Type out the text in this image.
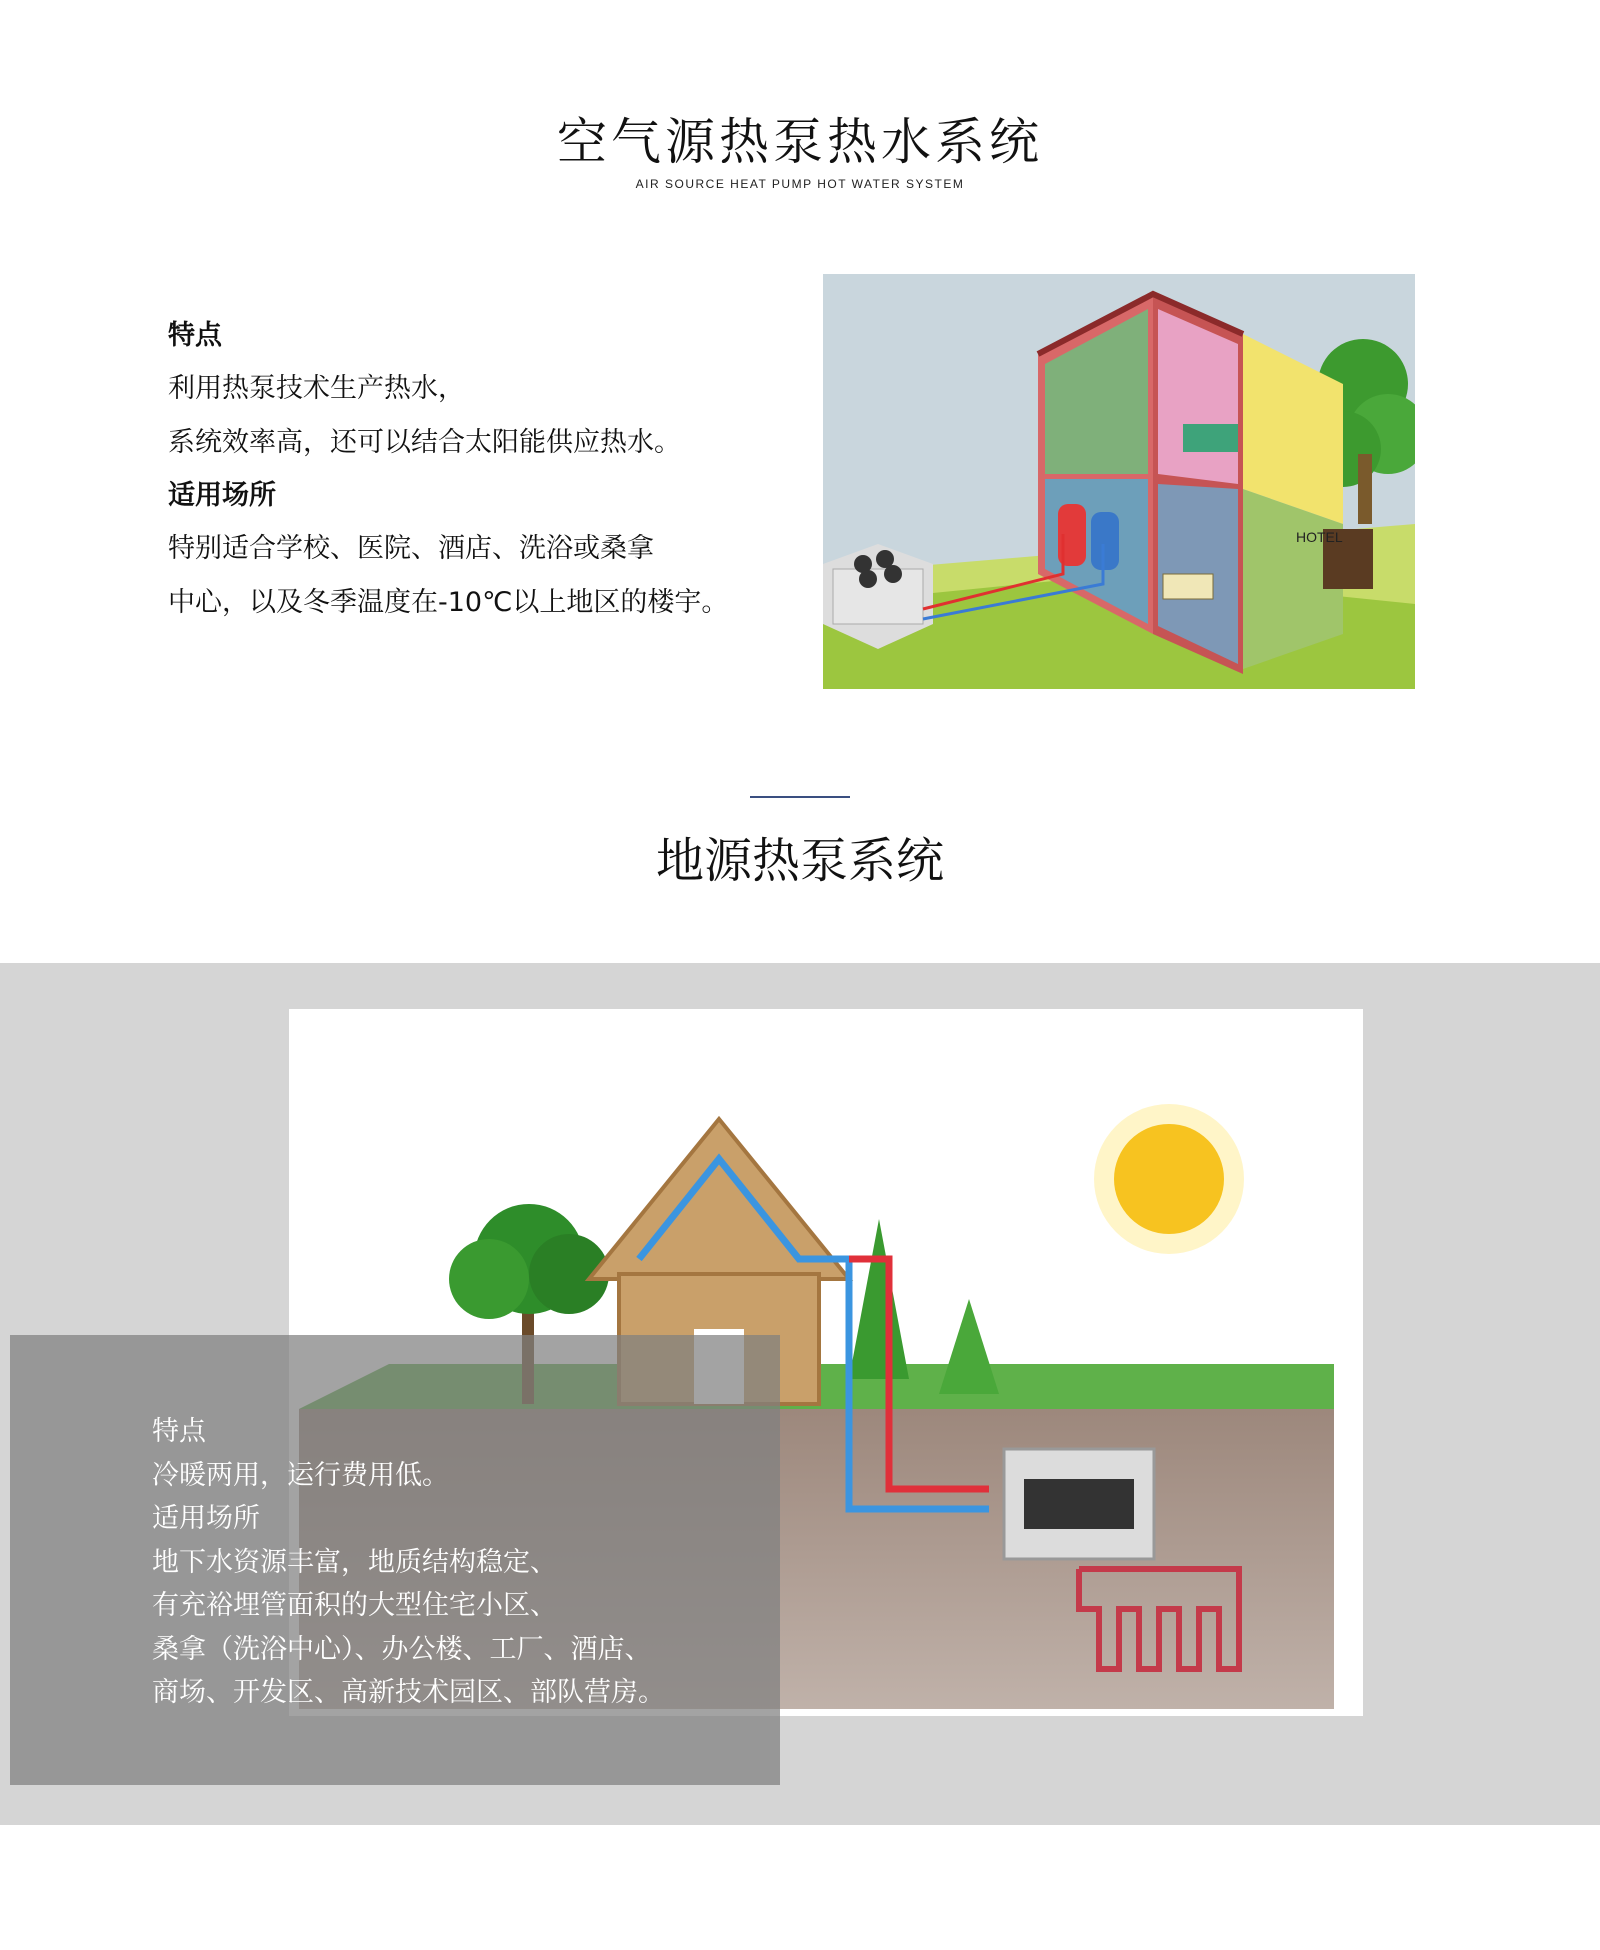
空气源热泵热水系统
AIR SOURCE HEAT PUMP HOT WATER SYSTEM
特点
利用热泵技术生产热水，
系统效率高，还可以结合太阳能供应热水。
适用场所
特别适合学校、医院、酒店、洗浴或桑拿
中心，以及冬季温度在-10℃以上地区的楼宇。
HOTEL
地源热泵系统
特点
冷暖两用，运行费用低。
适用场所
地下水资源丰富，地质结构稳定、
有充裕埋管面积的大型住宅小区、
桑拿（洗浴中心）、办公楼、工厂、酒店、
商场、开发区、高新技术园区、部队营房。
